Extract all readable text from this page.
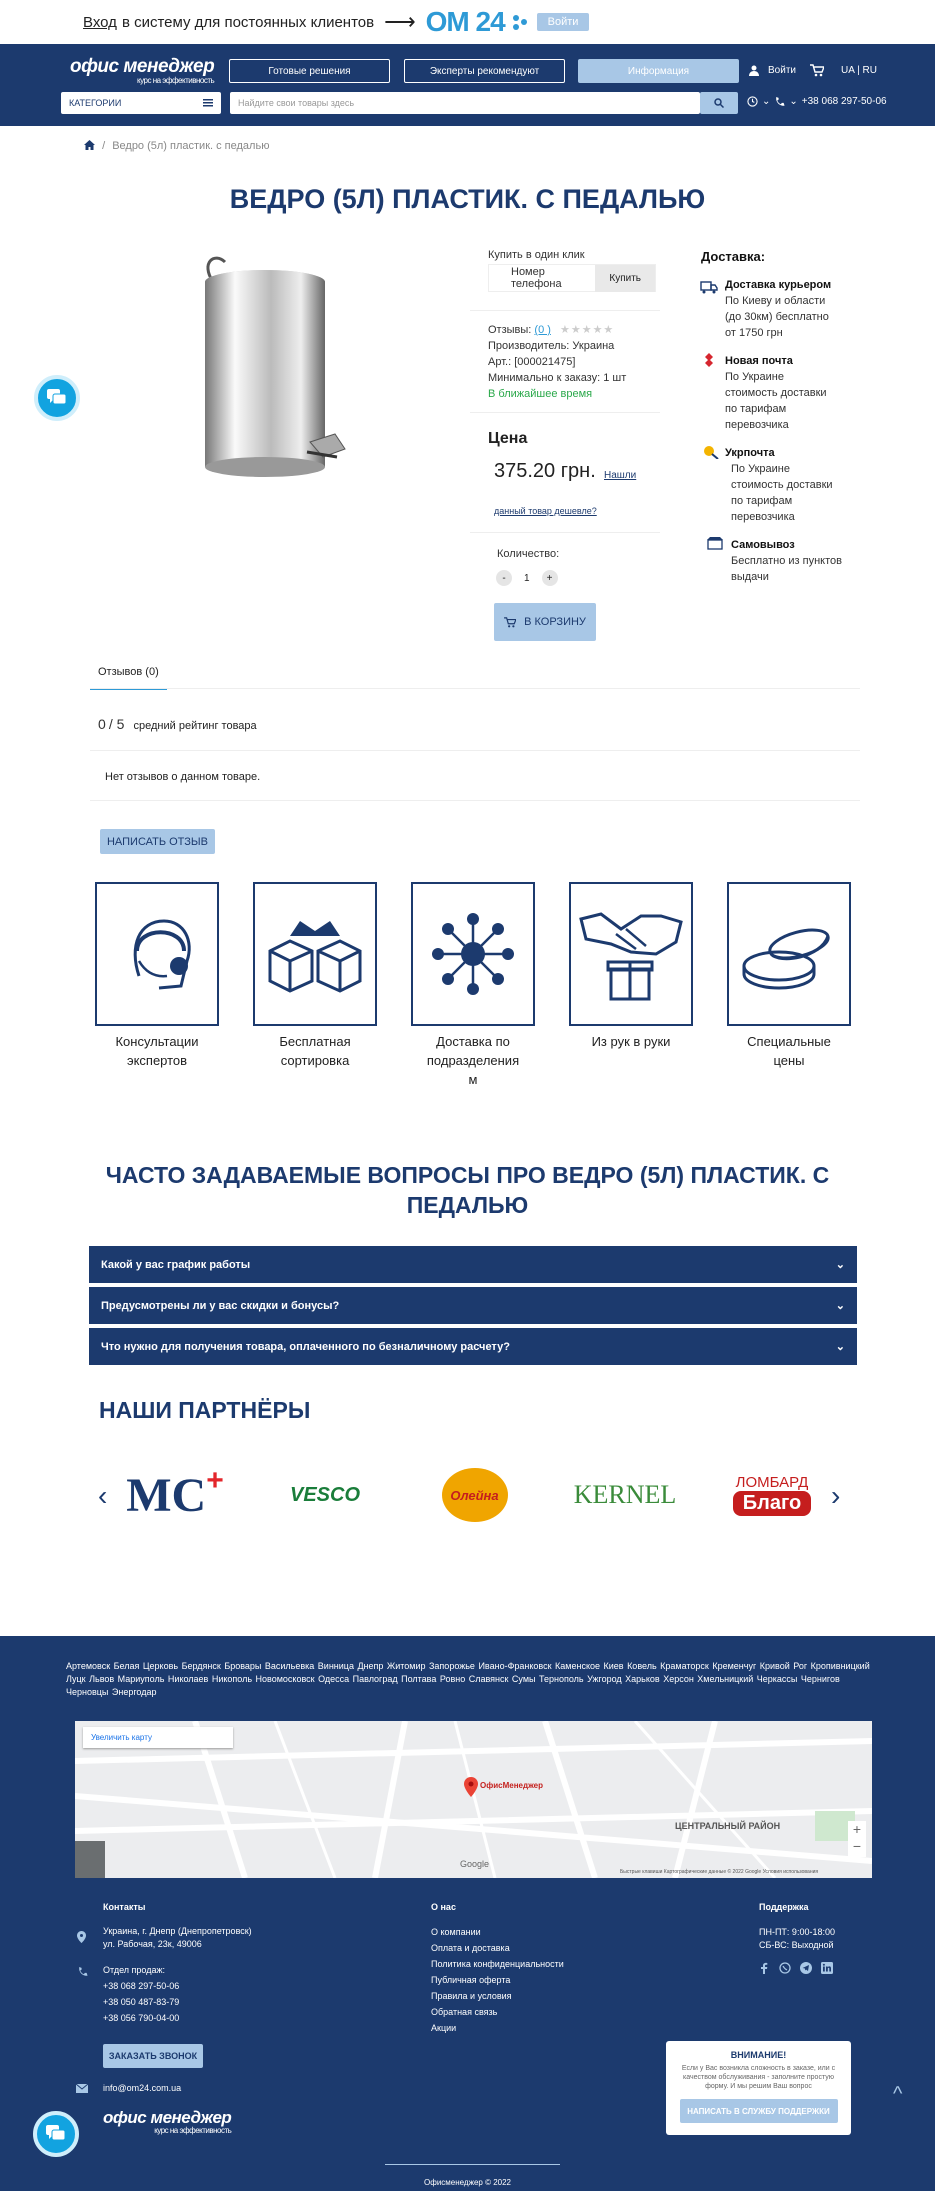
Вход в систему для постоянных клиентов ⟶ ОМ 24	Войти
офис менеджер
курс на эффективность
Готовые решения	Эксперты рекомендуют	Информация	Войти	UA | RU
КАТЕГОРИИ	Найдите свои товары здесь	⌄ ⌄ +38 068 297-50-06
/ Ведро (5л) пластик. с педалью
ВЕДРО (5Л) ПЛАСТИК. С ПЕДАЛЬЮ
Купить в один клик
Номер телефона	Купить
Отзывы: (0 ) ★★★★★
Производитель: Украина
Арт.: [000021475]
Минимально к заказу: 1 шт
В ближайшее время
Цена
375.20 грн. Нашли
данный товар дешевле?
Количество:
-	1	+
В КОРЗИНУ
Доставка:
Доставка курьером
По Киеву и области
(до 30км) бесплатно
от 1750 грн
Новая почта
По Украине
стоимость доставки
по тарифам
перевозчика
Укрпочта
По Украине
стоимость доставки
по тарифам
перевозчика
Самовывоз
Бесплатно из пунктов
выдачи
Отзывов (0)
0 / 5 средний рейтинг товара
Нет отзывов о данном товаре.
НАПИСАТЬ ОТЗЫВ
Консультации
экспертов
Бесплатная
сортировка
Доставка по
подразделения
м
Из рук в руки	Специальные
цены
ЧАСТО ЗАДАВАЕМЫЕ ВОПРОСЫ ПРО ВЕДРО (5Л) ПЛАСТИК. С
ПЕДАЛЬЮ
Какой у вас график работы	⌄
Предусмотрены ли у вас скидки и бонусы?	⌄
Что нужно для получения товара, оплаченного по безналичному расчету?	⌄
НАШИ ПАРТНЁРЫ
‹	›
MC +	VESCO	Олейна	KERNEL	ЛОМБАРД
Благо
Артемовск Белая Церковь Бердянск Бровары Васильевка Винница Днепр Житомир Запорожье Ивано-Франковск Каменское Киев Ковель Краматорск Кременчуг Кривой Рог Кропивницкий Луцк Львов Мариуполь Николаев Никополь Новомосковск Одесса Павлоград Полтава Ровно Славянск Сумы Тернополь Ужгород Харьков Херсон Хмельницкий Черкассы Чернигов Черновцы Энергодар
Увеличить карту
ОфисМенеджер
ЦЕНТРАЛЬНЫЙ РАЙОН	+
−
Google
Быстрые клавиши Картографические данные © 2022 Google Условия использования
Контакты
Украина, г. Днепр (Днепропетровск)
ул. Рабочая, 23к, 49006
Отдел продаж:
+38 068 297-50-06
+38 050 487-83-79
+38 056 790-04-00
ЗАКАЗАТЬ ЗВОНОК
info@om24.com.ua
офис менеджер
курс на эффективность
О нас
О компании
Оплата и доставка
Политика конфиденциальности
Публичная оферта
Правила и условия
Обратная связь
Акции
Поддержка
ПН-ПТ: 9:00-18:00
СБ-ВС: Выходной
ВНИМАНИЕ!
Если у Вас возникла сложность в заказе, или с качеством обслуживания - заполните простую форму. И мы решим Ваш вопрос
НАПИСАТЬ В СЛУЖБУ ПОДДЕРЖКИ
^
Офисменеджер © 2022
